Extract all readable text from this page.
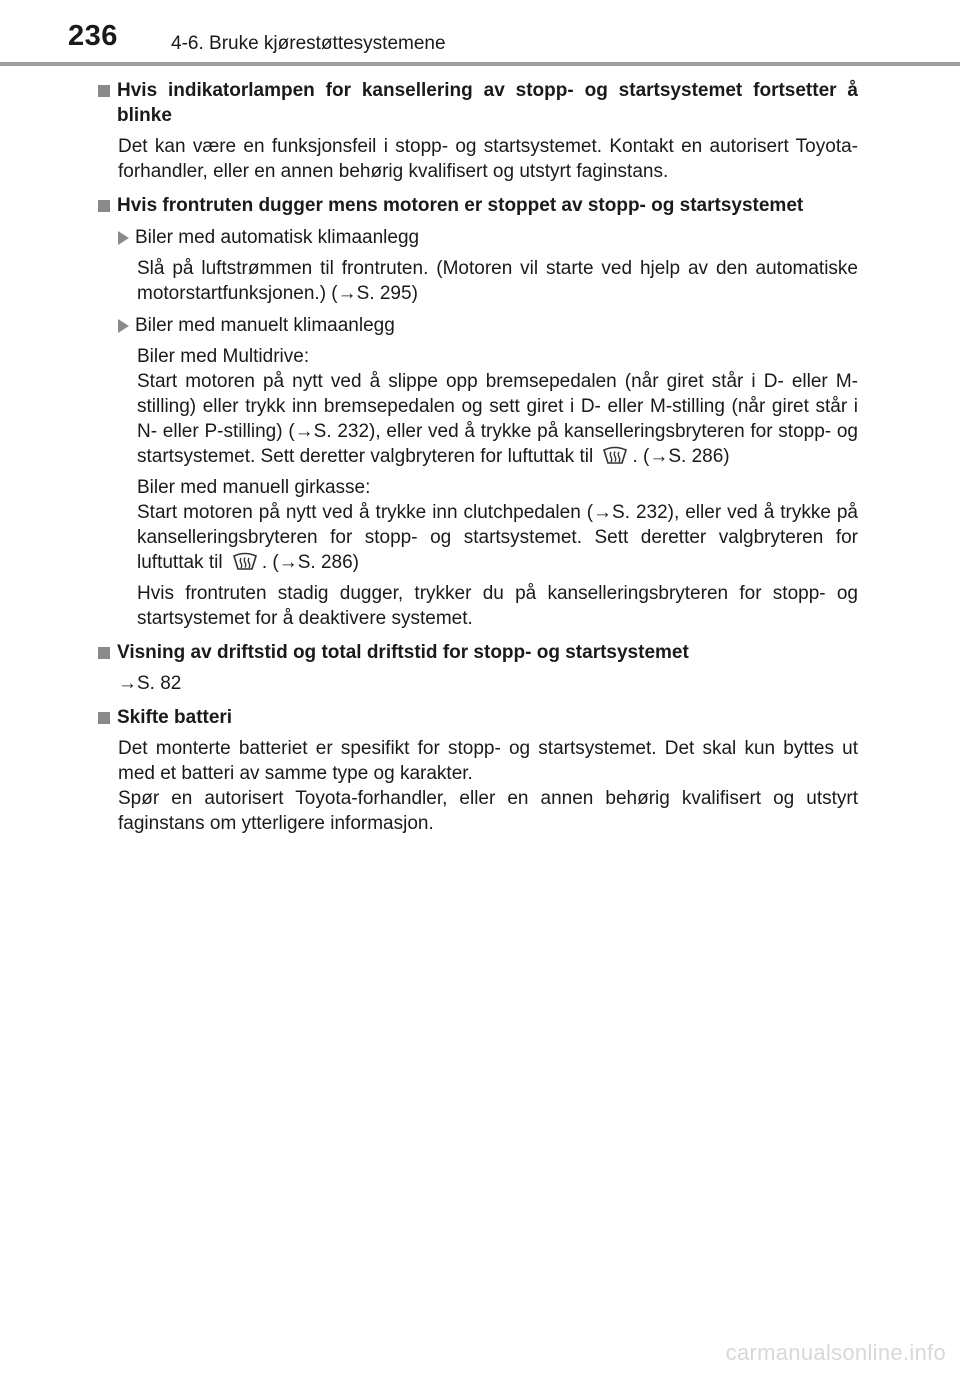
236	4-6. Bruke kjørestøttesystemene
Hvis indikatorlampen for kansellering av stopp- og startsystemet fortsetter å blinke
Det kan være en funksjonsfeil i stopp- og startsystemet. Kontakt en autorisert Toyota-forhandler, eller en annen behørig kvalifisert og utstyrt faginstans.
Hvis frontruten dugger mens motoren er stoppet av stopp- og startsystemet
Biler med automatisk klimaanlegg
Slå på luftstrømmen til frontruten. (Motoren vil starte ved hjelp av den automatiske motorstartfunksjonen.) (→S. 295)
Biler med manuelt klimaanlegg
Biler med Multidrive:
Start motoren på nytt ved å slippe opp bremsepedalen (når giret står i D- eller M-stilling) eller trykk inn bremsepedalen og sett giret i D- eller M-stilling (når giret står i N- eller P-stilling) (→S. 232), eller ved å trykke på kanselleringsbryteren for stopp- og startsystemet. Sett deretter valgbryteren for luftuttak til . (→S. 286)
Biler med manuell girkasse:
Start motoren på nytt ved å trykke inn clutchpedalen (→S. 232), eller ved å trykke på kanselleringsbryteren for stopp- og startsystemet. Sett deretter valgbryteren for luftuttak til . (→S. 286)
Hvis frontruten stadig dugger, trykker du på kanselleringsbryteren for stopp- og startsystemet for å deaktivere systemet.
Visning av driftstid og total driftstid for stopp- og startsystemet
→S. 82
Skifte batteri
Det monterte batteriet er spesifikt for stopp- og startsystemet. Det skal kun byttes ut med et batteri av samme type og karakter.
Spør en autorisert Toyota-forhandler, eller en annen behørig kvalifisert og utstyrt faginstans om ytterligere informasjon.
carmanualsonline.info
